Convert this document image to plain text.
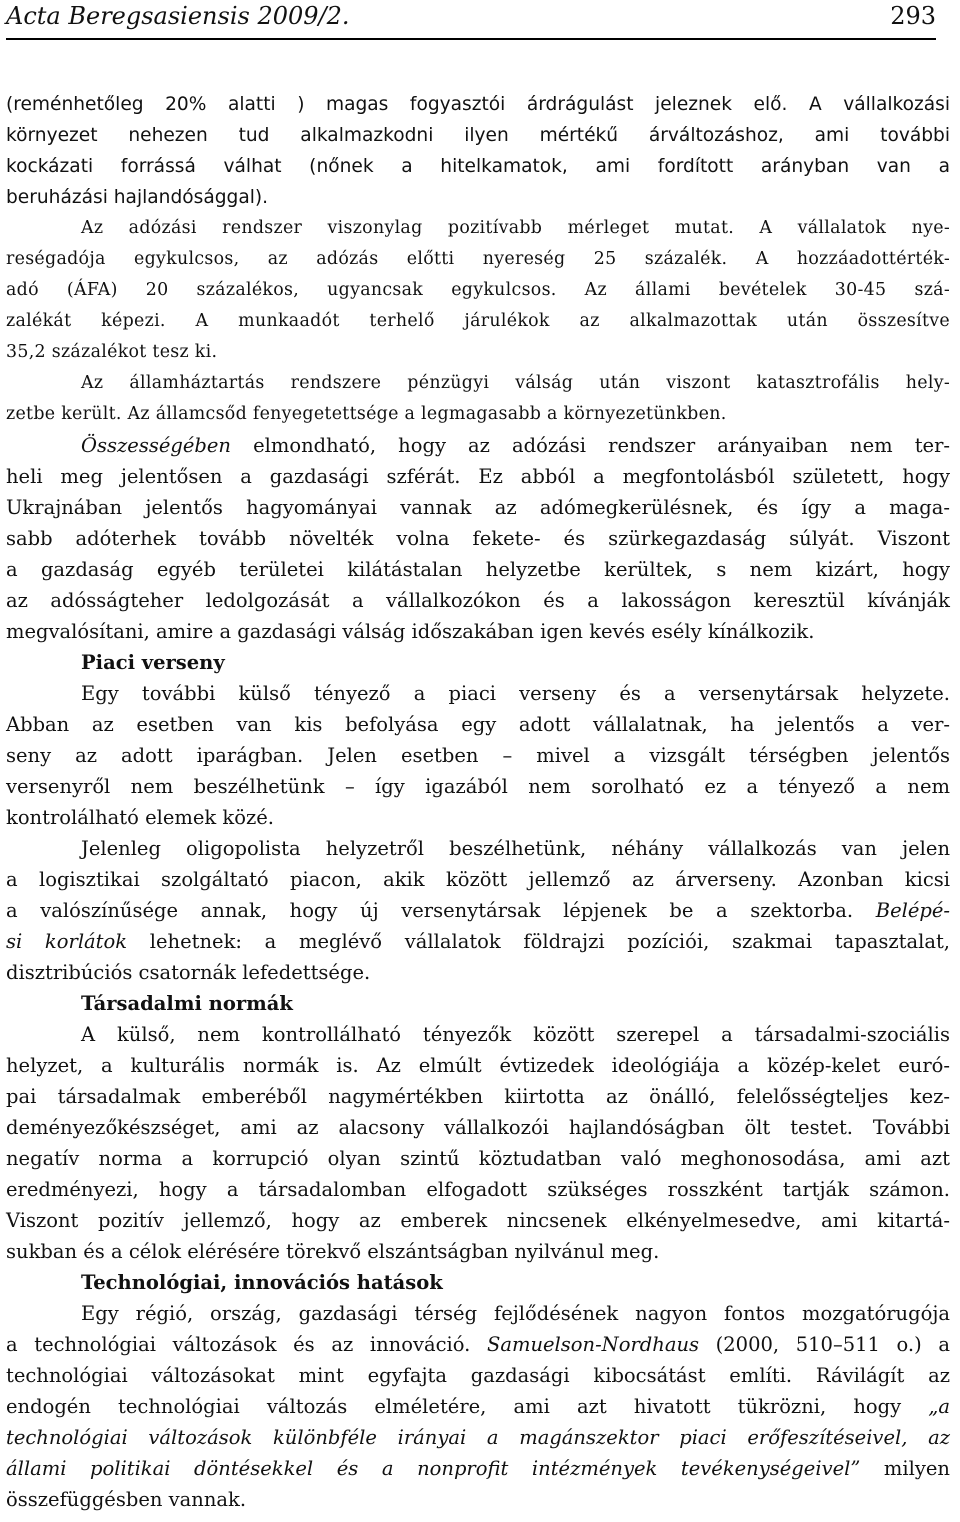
Acta Beregsasiensis 2009/2.	293
(reménhetőleg 20% alatti ) magas fogyasztói árdrágulást jeleznek elő. A vállalkozási
környezet nehezen tud alkalmazkodni ilyen mértékű árváltozáshoz, ami további
kockázati forrássá válhat (nőnek a hitelkamatok, ami fordított arányban van a
beruházási hajlandósággal).
Az adózási rendszer viszonylag pozitívabb mérleget mutat. A vállalatok nye-
reségadója egykulcsos, az adózás előtti nyereség 25 százalék. A hozzáadottérték-
adó (ÁFA) 20 százalékos, ugyancsak egykulcsos. Az állami bevételek 30-45 szá-
zalékát képezi. A munkaadót terhelő járulékok az alkalmazottak után összesítve
35,2 százalékot tesz ki.
Az államháztartás rendszere pénzügyi válság után viszont katasztrofális hely-
zetbe került. Az államcsőd fenyegetettsége a legmagasabb a környezetünkben.
Összességében elmondható, hogy az adózási rendszer arányaiban nem ter-
heli meg jelentősen a gazdasági szférát. Ez abból a megfontolásból született, hogy
Ukrajnában jelentős hagyományai vannak az adómegkerülésnek, és így a maga-
sabb adóterhek tovább növelték volna fekete- és szürkegazdaság súlyát. Viszont
a gazdaság egyéb területei kilátástalan helyzetbe kerültek, s nem kizárt, hogy
az adósságteher ledolgozását a vállalkozókon és a lakosságon keresztül kívánják
megvalósítani, amire a gazdasági válság időszakában igen kevés esély kínálkozik.
Piaci verseny
Egy további külső tényező a piaci verseny és a versenytársak helyzete.
Abban az esetben van kis befolyása egy adott vállalatnak, ha jelentős a ver-
seny az adott iparágban. Jelen esetben – mivel a vizsgált térségben jelentős
versenyről nem beszélhetünk – így igazából nem sorolható ez a tényező a nem
kontrolálható elemek közé.
Jelenleg oligopolista helyzetről beszélhetünk, néhány vállalkozás van jelen
a logisztikai szolgáltató piacon, akik között jellemző az árverseny. Azonban kicsi
a valószínűsége annak, hogy új versenytársak lépjenek be a szektorba. Belépé-
si korlátok lehetnek: a meglévő vállalatok földrajzi pozíciói, szakmai tapasztalat,
disztribúciós csatornák lefedettsége.
Társadalmi normák
A külső, nem kontrollálható tényezők között szerepel a társadalmi-szociális
helyzet, a kulturális normák is. Az elmúlt évtizedek ideológiája a közép-kelet euró-
pai társadalmak emberéből nagymértékben kiirtotta az önálló, felelősségteljes kez-
deményezőkészséget, ami az alacsony vállalkozói hajlandóságban ölt testet. További
negatív norma a korrupció olyan szintű köztudatban való meghonosodása, ami azt
eredményezi, hogy a társadalomban elfogadott szükséges rosszként tartják számon.
Viszont pozitív jellemző, hogy az emberek nincsenek elkényelmesedve, ami kitartá-
sukban és a célok elérésére törekvő elszántságban nyilvánul meg.
Technológiai, innovációs hatások
Egy régió, ország, gazdasági térség fejlődésének nagyon fontos mozgatórugója
a technológiai változások és az innováció. Samuelson-Nordhaus (2000, 510–511 o.) a
technológiai változásokat mint egyfajta gazdasági kibocsátást említi. Rávilágít az
endogén technológiai változás elméletére, ami azt hivatott tükrözni, hogy „a
technológiai változások különbféle irányai a magánszektor piaci erőfeszítéseivel, az
állami politikai döntésekkel és a nonprofit intézmények tevékenységeivel” milyen
összefüggésben vannak.
